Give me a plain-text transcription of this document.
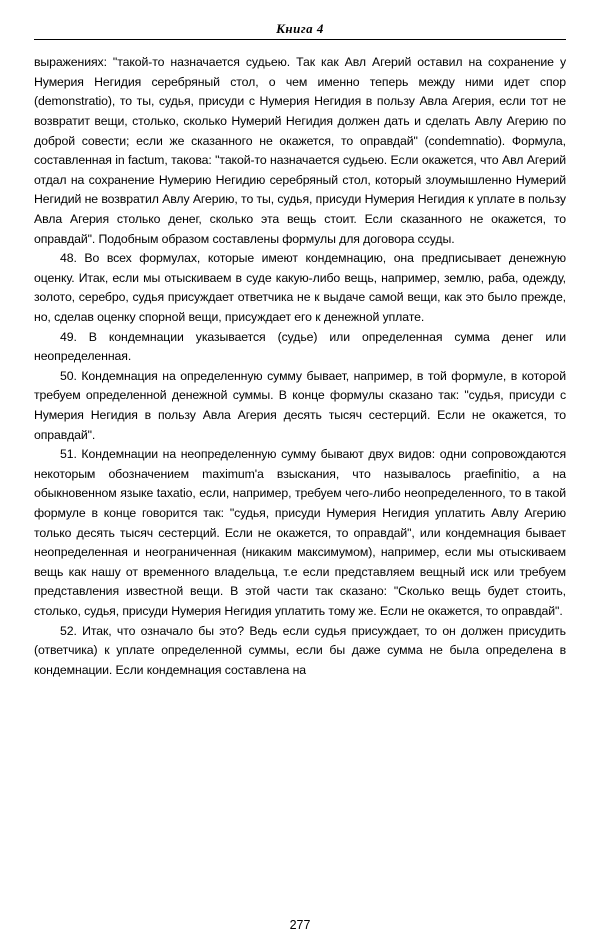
Книга 4

выражениях: "такой-то назначается судьею. Так как Авл Агерий оставил на сохранение у Нумерия Негидия серебряный стол, о чем именно теперь между ними идет спор (demonstratio), то ты, судья, присуди с Нумерия Негидия в пользу Авла Агерия, если тот не возвратит вещи, столько, сколько Нумерий Негидия должен дать и сделать Авлу Агерию по доброй совести; если же сказанного не окажется, то оправдай" (condemnatio). Формула, составленная in factum, такова: "такой-то назначается судьею. Если окажется, что Авл Агерий отдал на сохранение Нумерию Негидию серебряный стол, который злоумышленно Нумерий Негидий не возвратил Авлу Агерию, то ты, судья, присуди Нумерия Негидия к уплате в пользу Авла Агерия столько денег, сколько эта вещь стоит. Если сказанного не окажется, то оправдай". Подобным образом составлены формулы для договора ссуды.

48. Во всех формулах, которые имеют кондемнацию, она предписывает денежную оценку. Итак, если мы отыскиваем в суде какую-либо вещь, например, землю, раба, одежду, золото, серебро, судья присуждает ответчика не к выдаче самой вещи, как это было прежде, но, сделав оценку спорной вещи, присуждает его к денежной уплате.

49. В кондемнации указывается (судье) или определенная сумма денег или неопределенная.

50. Кондемнация на определенную сумму бывает, например, в той формуле, в которой требуем определенной денежной суммы. В конце формулы сказано так: "судья, присуди с Нумерия Негидия в пользу Авла Агерия десять тысяч сестерций. Если не окажется, то оправдай".

51. Кондемнации на неопределенную сумму бывают двух видов: одни сопровождаются некоторым обозначением maximum'a взыскания, что называлось praefinitio, а на обыкновенном языке taxatio, если, например, требуем чего-либо неопределенного, то в такой формуле в конце говорится так: "судья, присуди Нумерия Негидия уплатить Авлу Агерию только десять тысяч сестерций. Если не окажется, то оправдай", или кондемнация бывает неопределенная и неограниченная (никаким максимумом), например, если мы отыскиваем вещь как нашу от временного владельца, т.е если представляем вещный иск или требуем представления известной вещи. В этой части так сказано: "Сколько вещь будет стоить, столько, судья, присуди Нумерия Негидия уплатить тому же. Если не окажется, то оправдай".

52. Итак, что означало бы это? Ведь если судья присуждает, то он должен присудить (ответчика) к уплате определенной суммы, если бы даже сумма не была определена в кондемнации. Если кондемнация составлена на

277
